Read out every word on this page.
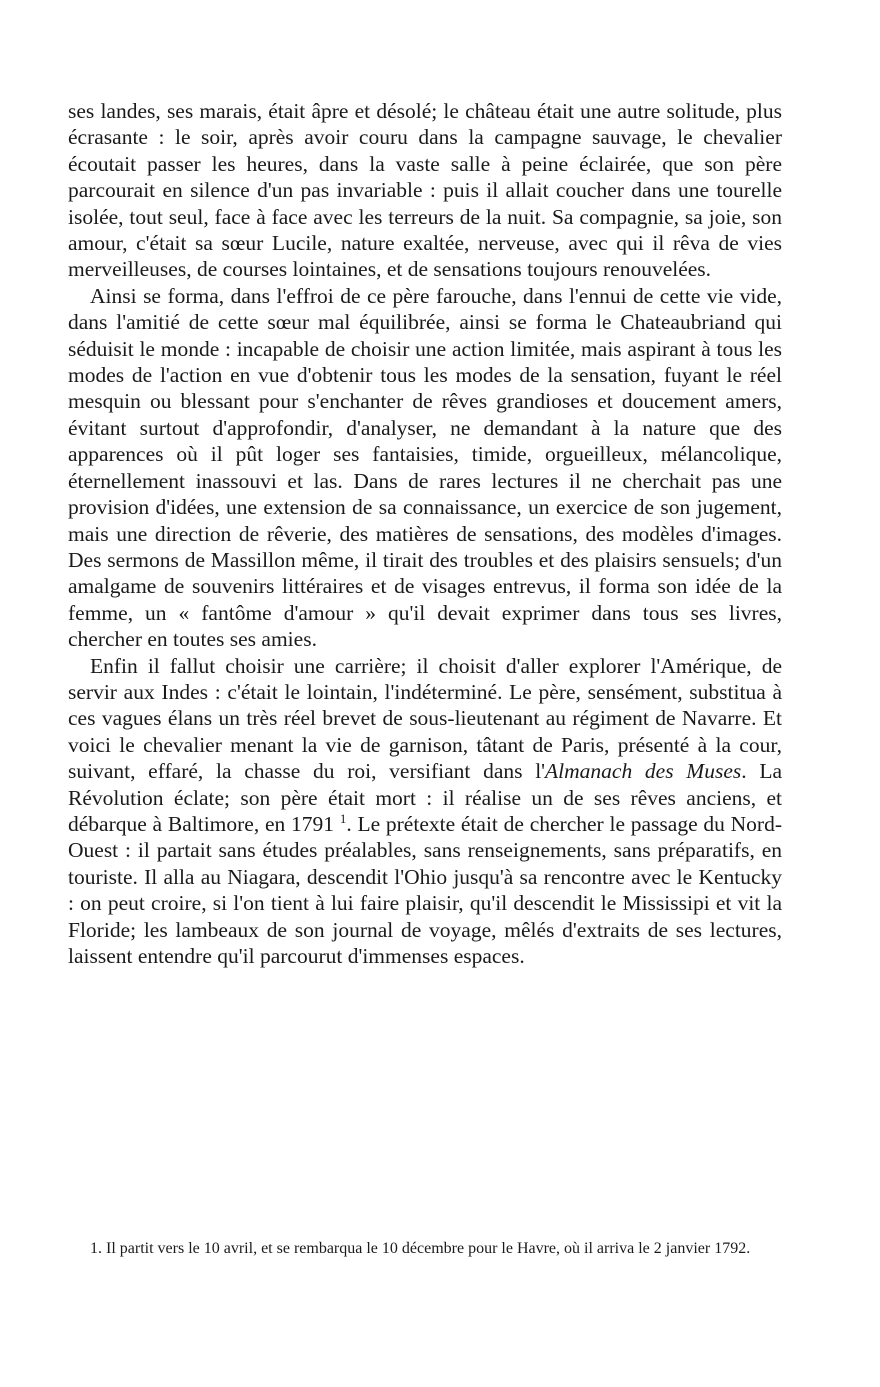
ses landes, ses marais, était âpre et désolé; le château était une autre solitude, plus écrasante : le soir, après avoir couru dans la campagne sauvage, le chevalier écoutait passer les heures, dans la vaste salle à peine éclairée, que son père parcourait en silence d'un pas invariable : puis il allait coucher dans une tourelle isolée, tout seul, face à face avec les terreurs de la nuit. Sa compagnie, sa joie, son amour, c'était sa sœur Lucile, nature exaltée, nerveuse, avec qui il rêva de vies merveilleuses, de courses lointaines, et de sensations toujours renouvelées.

Ainsi se forma, dans l'effroi de ce père farouche, dans l'ennui de cette vie vide, dans l'amitié de cette sœur mal équilibrée, ainsi se forma le Chateaubriand qui séduisit le monde : incapable de choisir une action limitée, mais aspirant à tous les modes de l'action en vue d'obtenir tous les modes de la sensation, fuyant le réel mesquin ou blessant pour s'enchanter de rêves grandioses et doucement amers, évitant surtout d'approfondir, d'analyser, ne demandant à la nature que des apparences où il pût loger ses fantaisies, timide, orgueilleux, mélancolique, éternellement inassouvi et las. Dans de rares lectures il ne cherchait pas une provision d'idées, une extension de sa connaissance, un exercice de son jugement, mais une direction de rêverie, des matières de sensations, des modèles d'images. Des sermons de Massillon même, il tirait des troubles et des plaisirs sensuels; d'un amalgame de souvenirs littéraires et de visages entrevus, il forma son idée de la femme, un « fantôme d'amour » qu'il devait exprimer dans tous ses livres, chercher en toutes ses amies.

Enfin il fallut choisir une carrière; il choisit d'aller explorer l'Amérique, de servir aux Indes : c'était le lointain, l'indéterminé. Le père, sensément, substitua à ces vagues élans un très réel brevet de sous-lieutenant au régiment de Navarre. Et voici le chevalier menant la vie de garnison, tâtant de Paris, présenté à la cour, suivant, effaré, la chasse du roi, versifiant dans l'Almanach des Muses. La Révolution éclate; son père était mort : il réalise un de ses rêves anciens, et débarque à Baltimore, en 1791 $^1$. Le prétexte était de chercher le passage du Nord-Ouest : il partait sans études préalables, sans renseignements, sans préparatifs, en touriste. Il alla au Niagara, descendit l'Ohio jusqu'à sa rencontre avec le Kentucky : on peut croire, si l'on tient à lui faire plaisir, qu'il descendit le Mississipi et vit la Floride; les lambeaux de son journal de voyage, mêlés d'extraits de ses lectures, laissent entendre qu'il parcourut d'immenses espaces.

1. Il partit vers le 10 avril, et se rembarqua le 10 décembre pour le Havre, où il arriva le 2 janvier 1792.
